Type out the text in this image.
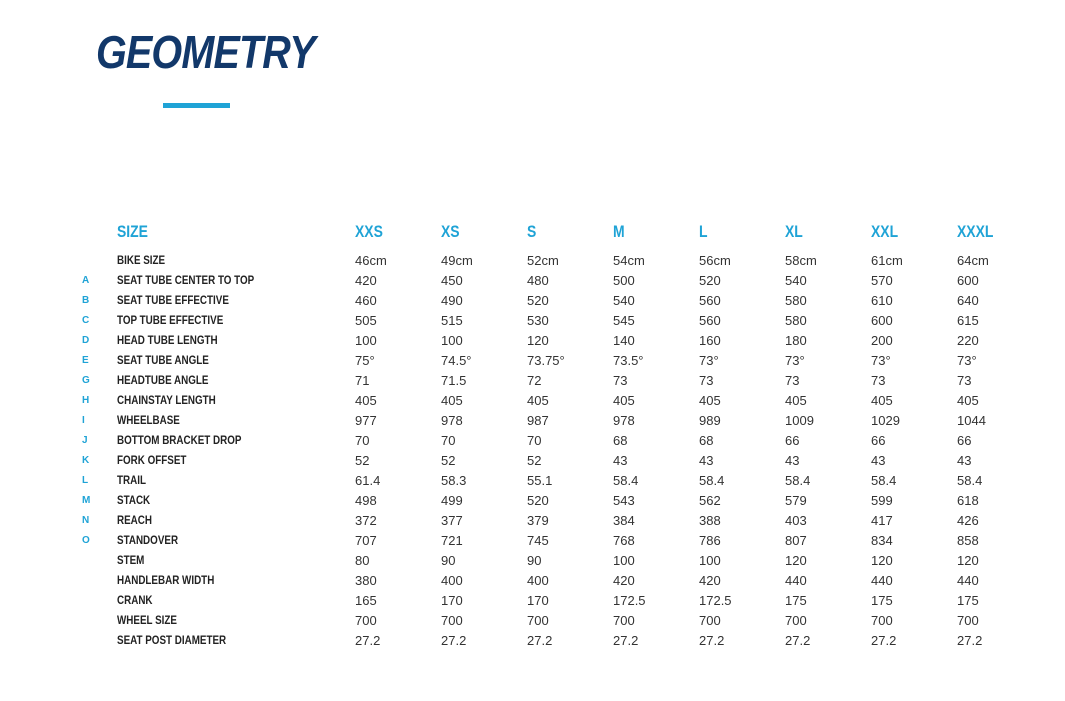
GEOMETRY
	SIZE	XXS	XS	S	M	L	XL	XXL	XXXL

	BIKE SIZE	46cm	49cm	52cm	54cm	56cm	58cm	61cm	64cm
A	SEAT TUBE CENTER TO TOP	420	450	480	500	520	540	570	600
B	SEAT TUBE EFFECTIVE	460	490	520	540	560	580	610	640
C	TOP TUBE EFFECTIVE	505	515	530	545	560	580	600	615
D	HEAD TUBE LENGTH	100	100	120	140	160	180	200	220
E	SEAT TUBE ANGLE	75°	74.5°	73.75°	73.5°	73°	73°	73°	73°
G	HEADTUBE ANGLE	71	71.5	72	73	73	73	73	73
H	CHAINSTAY LENGTH	405	405	405	405	405	405	405	405
I	WHEELBASE	977	978	987	978	989	1009	1029	1044
J	BOTTOM BRACKET DROP	70	70	70	68	68	66	66	66
K	FORK OFFSET	52	52	52	43	43	43	43	43
L	TRAIL	61.4	58.3	55.1	58.4	58.4	58.4	58.4	58.4
M	STACK	498	499	520	543	562	579	599	618
N	REACH	372	377	379	384	388	403	417	426
O	STANDOVER	707	721	745	768	786	807	834	858
	STEM	80	90	90	100	100	120	120	120
	HANDLEBAR WIDTH	380	400	400	420	420	440	440	440
	CRANK	165	170	170	172.5	172.5	175	175	175
	WHEEL SIZE	700	700	700	700	700	700	700	700
	SEAT POST DIAMETER	27.2	27.2	27.2	27.2	27.2	27.2	27.2	27.2
